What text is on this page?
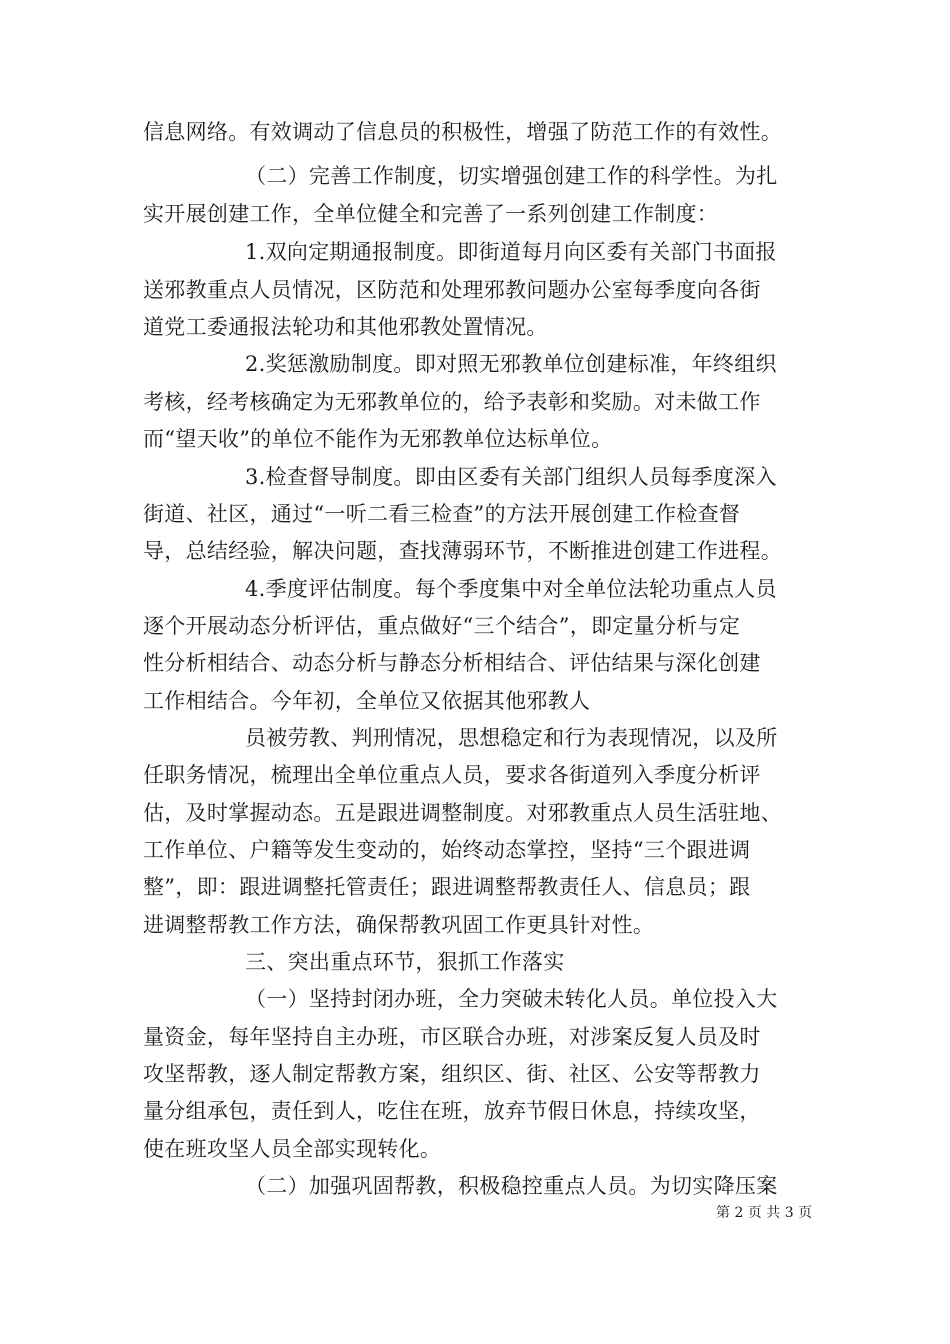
信息网络。有效调动了信息员的积极性，增强了防范工作的有效性。
（二）完善工作制度，切实增强创建工作的科学性。为扎
实开展创建工作，全单位健全和完善了一系列创建工作制度：
1.双向定期通报制度。即街道每月向区委有关部门书面报
送邪教重点人员情况，区防范和处理邪教问题办公室每季度向各街
道党工委通报法轮功和其他邪教处置情况。
2.奖惩激励制度。即对照无邪教单位创建标准，年终组织
考核，经考核确定为无邪教单位的，给予表彰和奖励。对未做工作
而“望天收”的单位不能作为无邪教单位达标单位。
3.检查督导制度。即由区委有关部门组织人员每季度深入
街道、社区，通过“一听二看三检查”的方法开展创建工作检查督
导，总结经验，解决问题，查找薄弱环节，不断推进创建工作进程。
4.季度评估制度。每个季度集中对全单位法轮功重点人员
逐个开展动态分析评估，重点做好“三个结合”，即定量分析与定
性分析相结合、动态分析与静态分析相结合、评估结果与深化创建
工作相结合。今年初，全单位又依据其他邪教人
员被劳教、判刑情况，思想稳定和行为表现情况，以及所
任职务情况，梳理出全单位重点人员，要求各街道列入季度分析评
估，及时掌握动态。五是跟进调整制度。对邪教重点人员生活驻地、
工作单位、户籍等发生变动的，始终动态掌控，坚持“三个跟进调
整”，即：跟进调整托管责任；跟进调整帮教责任人、信息员；跟
进调整帮教工作方法，确保帮教巩固工作更具针对性。
三、突出重点环节，狠抓工作落实
（一）坚持封闭办班，全力突破未转化人员。单位投入大
量资金，每年坚持自主办班，市区联合办班，对涉案反复人员及时
攻坚帮教，逐人制定帮教方案，组织区、街、社区、公安等帮教力
量分组承包，责任到人，吃住在班，放弃节假日休息，持续攻坚，
使在班攻坚人员全部实现转化。
（二）加强巩固帮教，积极稳控重点人员。为切实降压案
第 2 页 共 3 页
